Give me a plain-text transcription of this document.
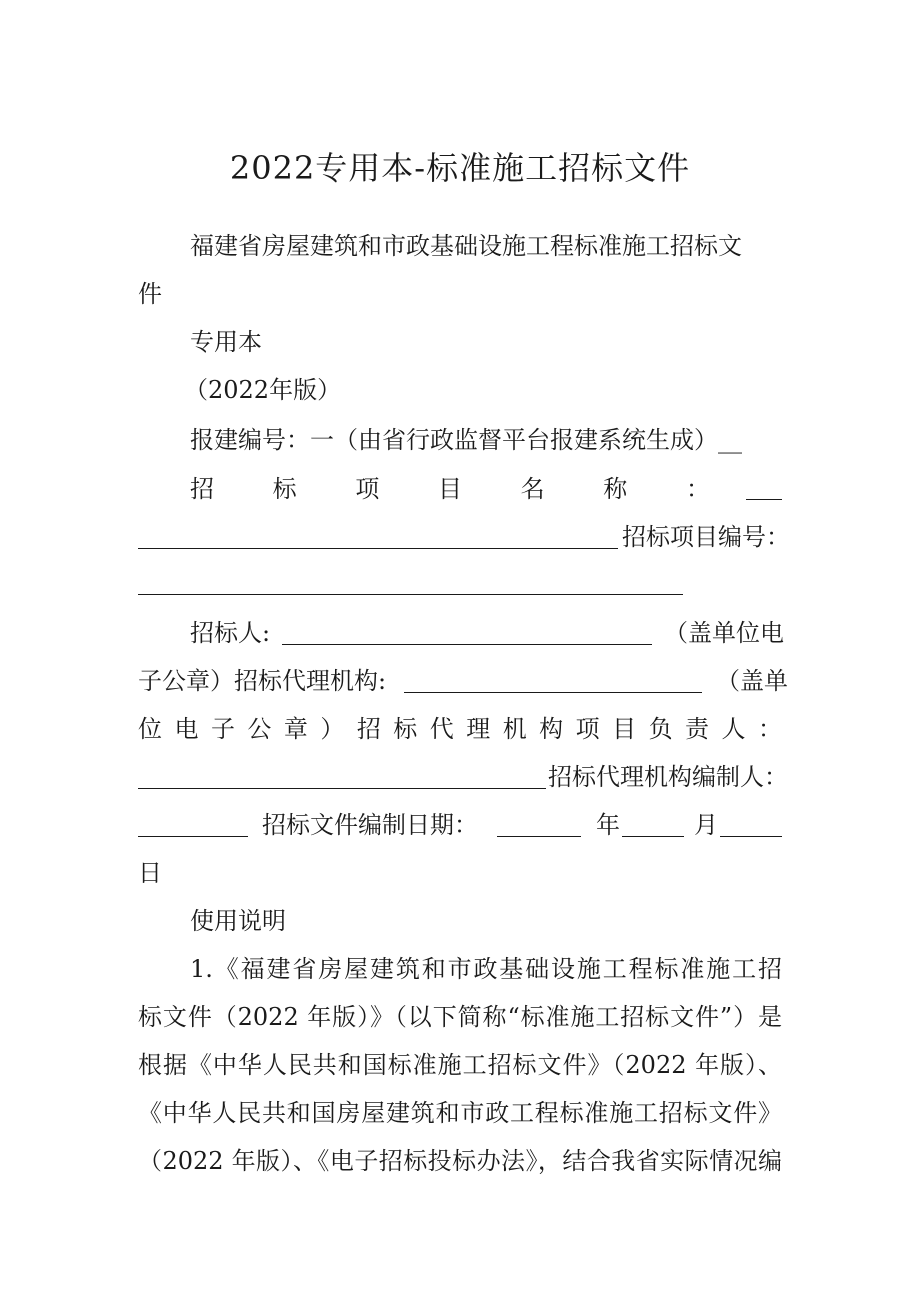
2022专用本-标准施工招标文件
福建省房屋建筑和市政基础设施工程标准施工招标文
件
专用本
（2022年版）
报建编号：一（由省行政监督平台报建系统生成）__
招 标 项 目 名 称 ：
招标项目编号：
招标人:	（盖单位电
子公章）招标代理机构:	（盖单
位 电 子 公 章 ） 招 标 代 理 机 构 项 目 负 责 人 ：
招标代理机构编制人：
招标文件编制日期：	年	月
日
使用说明
1.《福建省房屋建筑和市政基础设施工程标准施工招
标文件（2022 年版）》（以下简称“标准施工招标文件”）是
根据《中华人民共和国标准施工招标文件》（2022 年版）、
《中华人民共和国房屋建筑和市政工程标准施工招标文件》
（2022 年版）、《电子招标投标办法》，结合我省实际情况编
